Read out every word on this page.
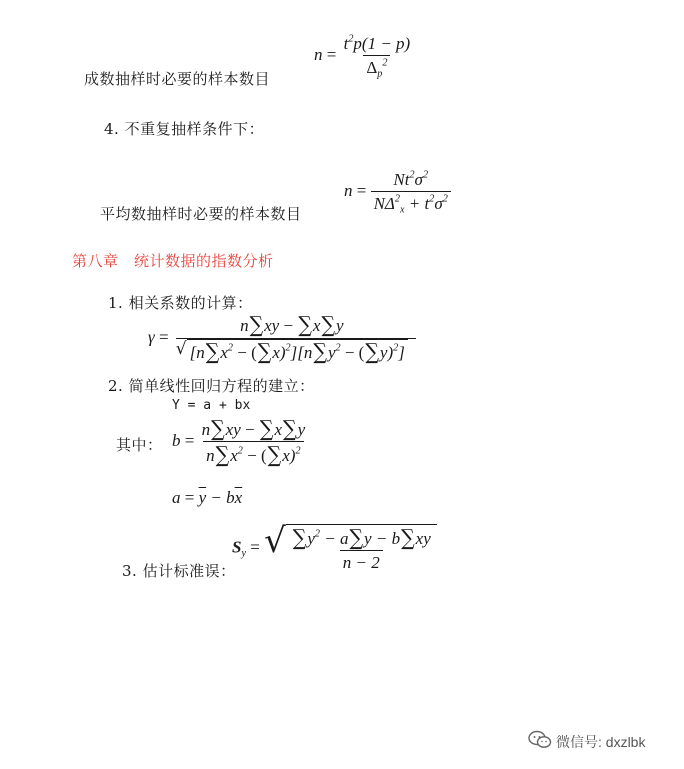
成数抽样时必要的样本数目
$n = \frac{t^2p(1 - p)}{\Delta_p^2}$
4. 不重复抽样条件下：
平均数抽样时必要的样本数目
$n = \frac{Nt^2\sigma^2}{N\Delta^2_x + t^2\sigma^2}$
第八章　统计数据的指数分析
1. 相关系数的计算：
γ =
n∑xy − ∑x∑y
√ $[n\sum x^2 - (\sum x)^2][n\sum y^2 - (\sum y)^2]$
2. 简单线性回归方程的建立：
Y = a + bx
其中： $b = \frac{n\sum xy - \sum x\sum y}{n\sum x^2 - (\sum x)^2}$
$a = \overline{y} - b\overline{x}$
3. 估计标准误：
$S_y$ = √ $\frac{\sum y^2 - a\sum y - b\sum xy}{n - 2}$
微信号: dxzlbk
